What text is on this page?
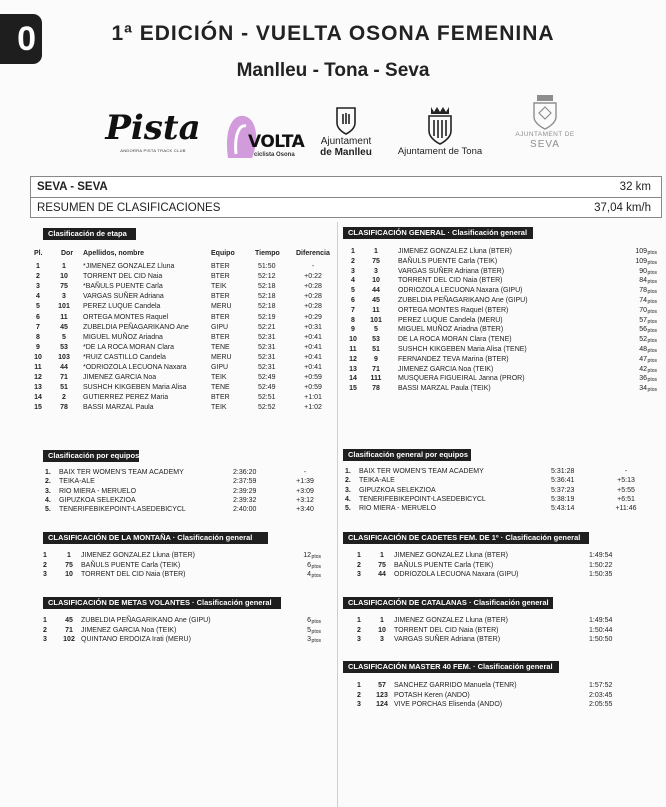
0	1ª EDICIÓN - VUELTA OSONA FEMENINA
Manlleu - Tona - Seva
Pista
ANDORRA PISTA TRACK CLUB	VOLTA
ciclista Osona
Ajuntament
de Manlleu	Ajuntament de Tona
AJUNTAMENT DE
SEVA
SEVA - SEVA	32 km
RESUMEN DE CLASIFICACIONES	37,04 km/h
Clasificación de etapa
Pl.	Dor Apellidos, nombre	Equipo	Tiempo Diferencia
1	1	*JIMENEZ GONZALEZ Lluna	BTER	51:50	-
2	10	TORRENT DEL CID Naia	BTER	52:12	+0:22
3	75	*BAÑULS PUENTE Carla	TEIK	52:18	+0:28
4	3	VARGAS SUÑER Adriana	BTER	52:18	+0:28
5	101	PEREZ LUQUE Candela	MERU	52:18	+0:28
6	11	ORTEGA MONTES Raquel	BTER	52:19	+0:29
7	45	ZUBELDIA PEÑAGARIKANO Ane	GIPU	52:21	+0:31
8	5	MIGUEL MUÑOZ Ariadna	BTER	52:31	+0:41
9	53	*DE LA ROCA MORAN Clara	TENE	52:31	+0:41
10	103	*RUIZ CASTILLO Candela	MERU	52:31	+0:41
11	44	*ODRIOZOLA LECUONA Naxara	GIPU	52:31	+0:41
12	71	JIMENEZ GARCIA Noa	TEIK	52:49	+0:59
13	51	SUSHCH KIKGEBEN Maria Alisa	TENE	52:49	+0:59
14	2	GUTIERREZ PEREZ Maria	BTER	52:51	+1:01
15	78	BASSI MARZAL Paula	TEIK	52:52	+1:02
CLASIFICACIÓN GENERAL · Clasificación general
1	1	JIMENEZ GONZALEZ Lluna (BTER)	109 ptos
2	75	BAÑULS PUENTE Carla (TEIK)	109 ptos
3	3	VARGAS SUÑER Adriana (BTER)	90 ptos
4	10	TORRENT DEL CID Naia (BTER)	84 ptos
5	44	ODRIOZOLA LECUONA Naxara (GIPU)	78 ptos
6	45	ZUBELDIA PEÑAGARIKANO Ane (GIPU)	74 ptos
7	11	ORTEGA MONTES Raquel (BTER)	70 ptos
8	101	PEREZ LUQUE Candela (MERU)	57 ptos
9	5	MIGUEL MUÑOZ Ariadna (BTER)	56 ptos
10	53	DE LA ROCA MORAN Clara (TENE)	52 ptos
11	51	SUSHCH KIKGEBEN Maria Alisa (TENE)	48 ptos
12	9	FERNANDEZ TEVA Marina (BTER)	47 ptos
13	71	JIMENEZ GARCIA Noa (TEIK)	42 ptos
14	111	MUSQUERA FIGUEIRAL Janna (PROR)	36 ptos
15	78	BASSI MARZAL Paula (TEIK)	34 ptos
Clasificación por equipos
1. BAIX TER WOMEN'S TEAM ACADEMY	2:36:20	-
2. TEIKA-ALE	2:37:59	+1:39
3. RIO MIERA - MERUELO	2:39:29	+3:09
4. GIPUZKOA SELEKZIOA	2:39:32	+3:12
5. TENERIFEBIKEPOINT-LASEDEBICYCL	2:40:00	+3:40
Clasificación general por equipos
1. BAIX TER WOMEN'S TEAM ACADEMY	5:31:28	-
2. TEIKA-ALE	5:36:41	+5:13
3. GIPUZKOA SELEKZIOA	5:37:23	+5:55
4. TENERIFEBIKEPOINT-LASEDEBICYCL	5:38:19	+6:51
5. RIO MIERA - MERUELO	5:43:14	+11:46
CLASIFICACIÓN DE LA MONTAÑA · Clasificación general
1	1	JIMENEZ GONZALEZ Lluna (BTER)	12 ptos
2	75	BAÑULS PUENTE Carla (TEIK)	6 ptos
3	10	TORRENT DEL CID Naia (BTER)	4 ptos
CLASIFICACIÓN DE CADETES FEM. DE 1º · Clasificación general
1	1	JIMENEZ GONZALEZ Lluna (BTER)	1:49:54
2	75	BAÑULS PUENTE Carla (TEIK)	1:50:22
3	44	ODRIOZOLA LECUONA Naxara (GIPU)	1:50:35
CLASIFICACIÓN DE METAS VOLANTES · Clasificación general
1	45	ZUBELDIA PEÑAGARIKANO Ane (GIPU)	6 ptos
2	71	JIMENEZ GARCIA Noa (TEIK)	5 ptos
3	102 QUINTANO ERDOIZA Irati (MERU)	3 ptos
CLASIFICACIÓN DE CATALANAS · Clasificación general
1	1	JIMENEZ GONZALEZ Lluna (BTER)	1:49:54
2	10	TORRENT DEL CID Naia (BTER)	1:50:44
3	3	VARGAS SUÑER Adriana (BTER)	1:50:50
CLASIFICACIÓN MASTER 40 FEM. · Clasificación general
1	57	SANCHEZ GARRIDO Manuela (TENR)	1:57:52
2	123 POTASH Keren (ANDO)	2:03:45
3	124 VIVE PORCHAS Elisenda (ANDO)	2:05:55
